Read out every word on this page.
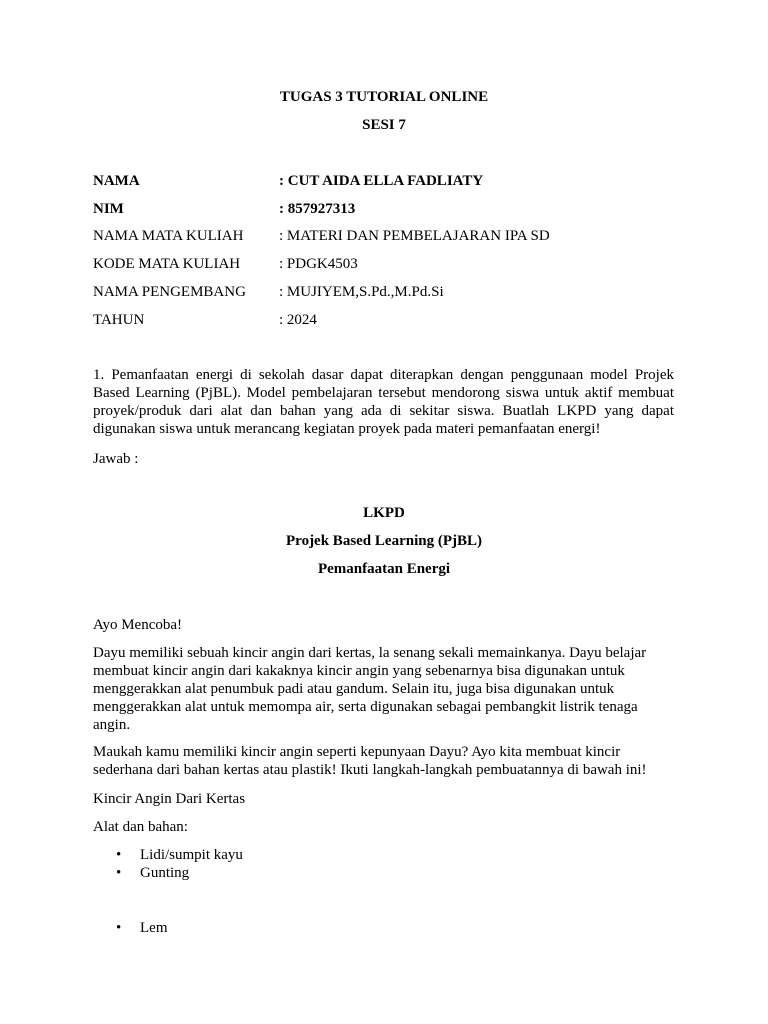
TUGAS 3 TUTORIAL ONLINE
SESI 7
NAMA	: CUT AIDA ELLA FADLIATY
NIM	: 857927313
NAMA MATA KULIAH : MATERI DAN PEMBELAJARAN IPA SD
KODE MATA KULIAH	: PDGK4503
NAMA PENGEMBANG : MUJIYEM,S.Pd.,M.Pd.Si
TAHUN	: 2024
1. Pemanfaatan energi di sekolah dasar dapat diterapkan dengan penggunaan model Projek
Based Learning (PjBL). Model pembelajaran tersebut mendorong siswa untuk aktif membuat
proyek/produk dari alat dan bahan yang ada di sekitar siswa. Buatlah LKPD yang dapat
digunakan siswa untuk merancang kegiatan proyek pada materi pemanfaatan energi!
Jawab :
LKPD
Projek Based Learning (PjBL)
Pemanfaatan Energi
Ayo Mencoba!
Dayu memiliki sebuah kincir angin dari kertas, la senang sekali memainkanya. Dayu belajar
membuat kincir angin dari kakaknya kincir angin yang sebenarnya bisa digunakan untuk
menggerakkan alat penumbuk padi atau gandum. Selain itu, juga bisa digunakan untuk
menggerakkan alat untuk memompa air, serta digunakan sebagai pembangkit listrik tenaga
angin.
Maukah kamu memiliki kincir angin seperti kepunyaan Dayu? Ayo kita membuat kincir
sederhana dari bahan kertas atau plastik! Ikuti langkah-langkah pembuatannya di bawah ini!
Kincir Angin Dari Kertas
Alat dan bahan:
• Lidi/sumpit kayu
• Gunting
• Lem
